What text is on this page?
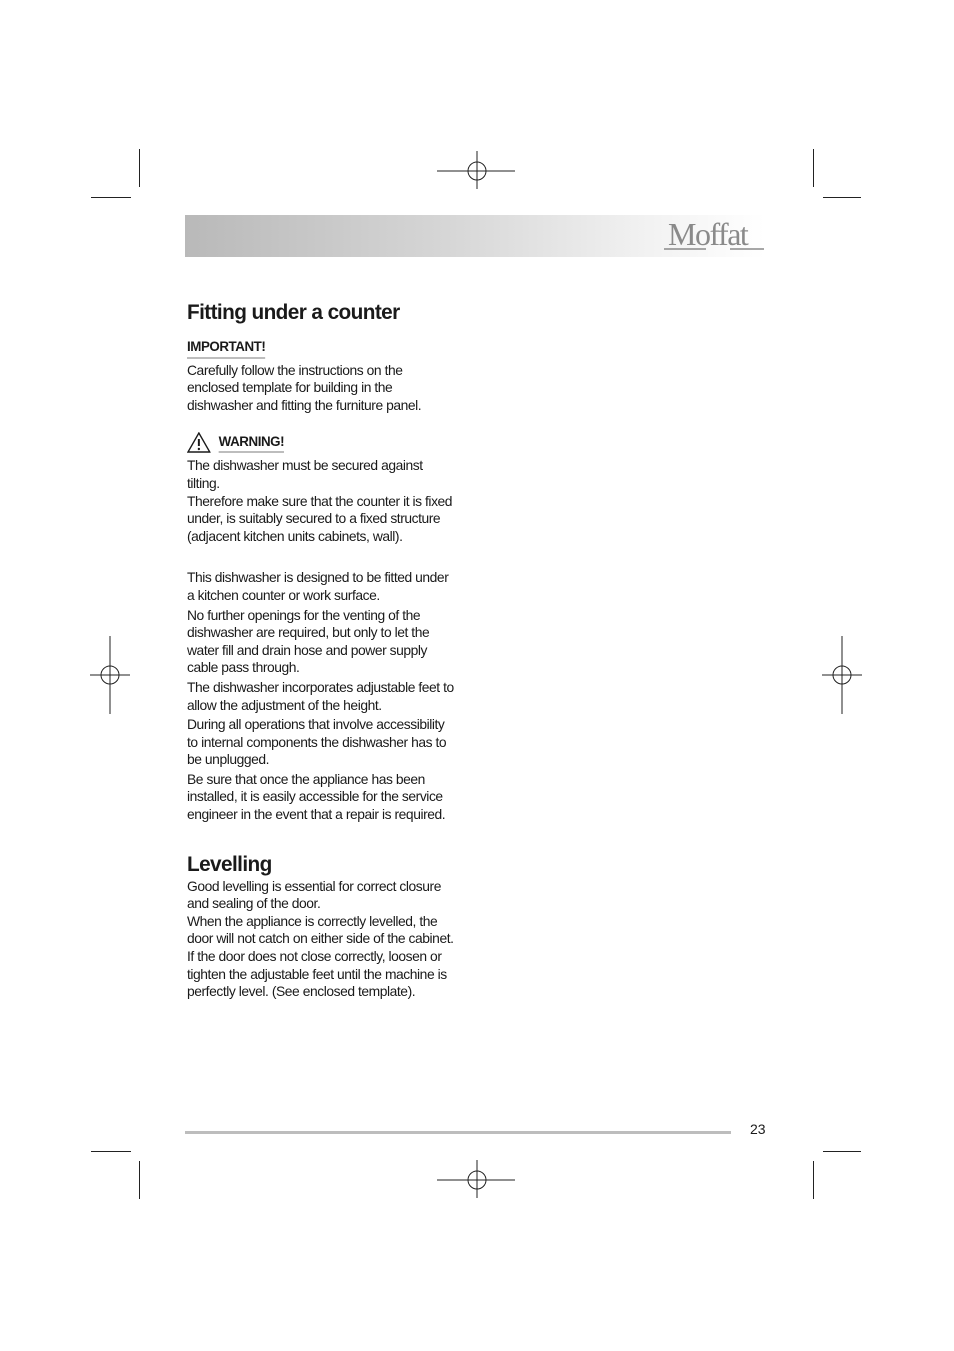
Moffat
Fitting under a counter
IMPORTANT!

Carefully follow the instructions on the
enclosed template for building in the
dishwasher and fitting the furniture panel.

WARNING!

The dishwasher must be secured against
tilting.
Therefore make sure that the counter it is fixed
under, is suitably secured to a fixed structure
(adjacent kitchen units cabinets, wall).

This dishwasher is designed to be fitted under
a kitchen counter or work surface.

No further openings for the venting of the
dishwasher are required, but only to let the
water fill and drain hose and power supply
cable pass through.

The dishwasher incorporates adjustable feet to
allow the adjustment of the height.

During all operations that involve accessibility
to internal components the dishwasher has to
be unplugged.

Be sure that once the appliance has been
installed, it is easily accessible for the service
engineer in the event that a repair is required.

Levelling

Good levelling is essential for correct closure
and sealing of the door.
When the appliance is correctly levelled, the
door will not catch on either side of the cabinet.
If the door does not close correctly, loosen or
tighten the adjustable feet until the machine is
perfectly level. (See enclosed template).

23
